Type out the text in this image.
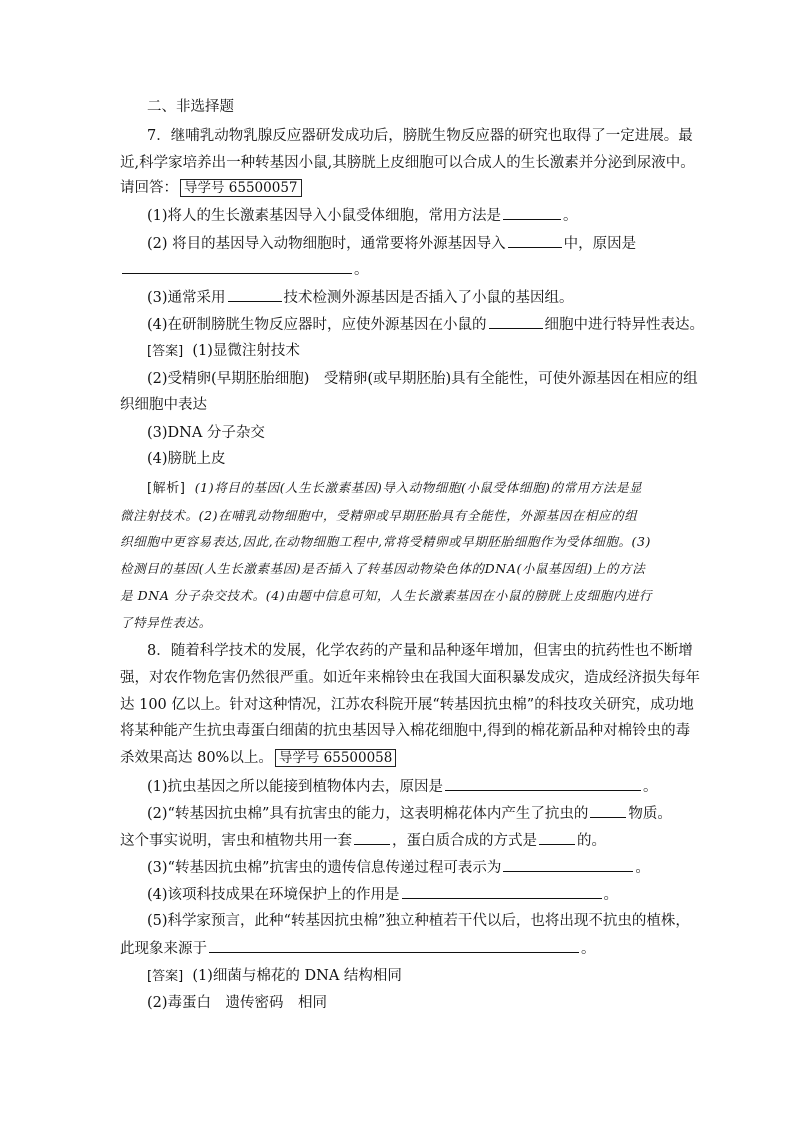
二、非选择题
7．继哺乳动物乳腺反应器研发成功后，膀胱生物反应器的研究也取得了一定进展。最
近,科学家培养出一种转基因小鼠,其膀胱上皮细胞可以合成人的生长激素并分泌到尿液中。
请回答： 导学号 65500057
(1)将人的生长激素基因导入小鼠受体细胞，常用方法是	。
(2) 将目的基因导入动物细胞时，通常要将外源基因导入	中，原因是
。
(3)通常采用	技术检测外源基因是否插入了小鼠的基因组。
(4)在研制膀胱生物反应器时，应使外源基因在小鼠的	细胞中进行特异性表达。
[答案] (1)显微注射技术
(2)受精卵(早期胚胎细胞)　受精卵(或早期胚胎)具有全能性，可使外源基因在相应的组
织细胞中表达
(3)DNA 分子杂交
(4)膀胱上皮
[解析] (1)将目的基因(人生长激素基因)导入动物细胞(小鼠受体细胞)的常用方法是显
微注射技术。(2)在哺乳动物细胞中，受精卵或早期胚胎具有全能性，外源基因在相应的组
织细胞中更容易表达,因此,在动物细胞工程中,常将受精卵或早期胚胎细胞作为受体细胞。(3)
检测目的基因(人生长激素基因)是否插入了转基因动物染色体的DNA(小鼠基因组)上的方法
是 DNA 分子杂交技术。(4)由题中信息可知，人生长激素基因在小鼠的膀胱上皮细胞内进行
了特异性表达。
8．随着科学技术的发展，化学农药的产量和品种逐年增加，但害虫的抗药性也不断增
强，对农作物危害仍然很严重。如近年来棉铃虫在我国大面积暴发成灾，造成经济损失每年
达 100 亿以上。针对这种情况，江苏农科院开展“转基因抗虫棉”的科技攻关研究，成功地
将某种能产生抗虫毒蛋白细菌的抗虫基因导入棉花细胞中,得到的棉花新品种对棉铃虫的毒
杀效果高达 80%以上。 导学号 65500058
(1)抗虫基因之所以能接到植物体内去，原因是	。
(2)“转基因抗虫棉”具有抗害虫的能力，这表明棉花体内产生了抗虫的	物质。
这个事实说明，害虫和植物共用一套	，蛋白质合成的方式是	的。
(3)“转基因抗虫棉”抗害虫的遗传信息传递过程可表示为	。
(4)该项科技成果在环境保护上的作用是	。
(5)科学家预言，此种“转基因抗虫棉”独立种植若干代以后，也将出现不抗虫的植株，
此现象来源于	。
[答案] (1)细菌与棉花的 DNA 结构相同
(2)毒蛋白　遗传密码　相同
